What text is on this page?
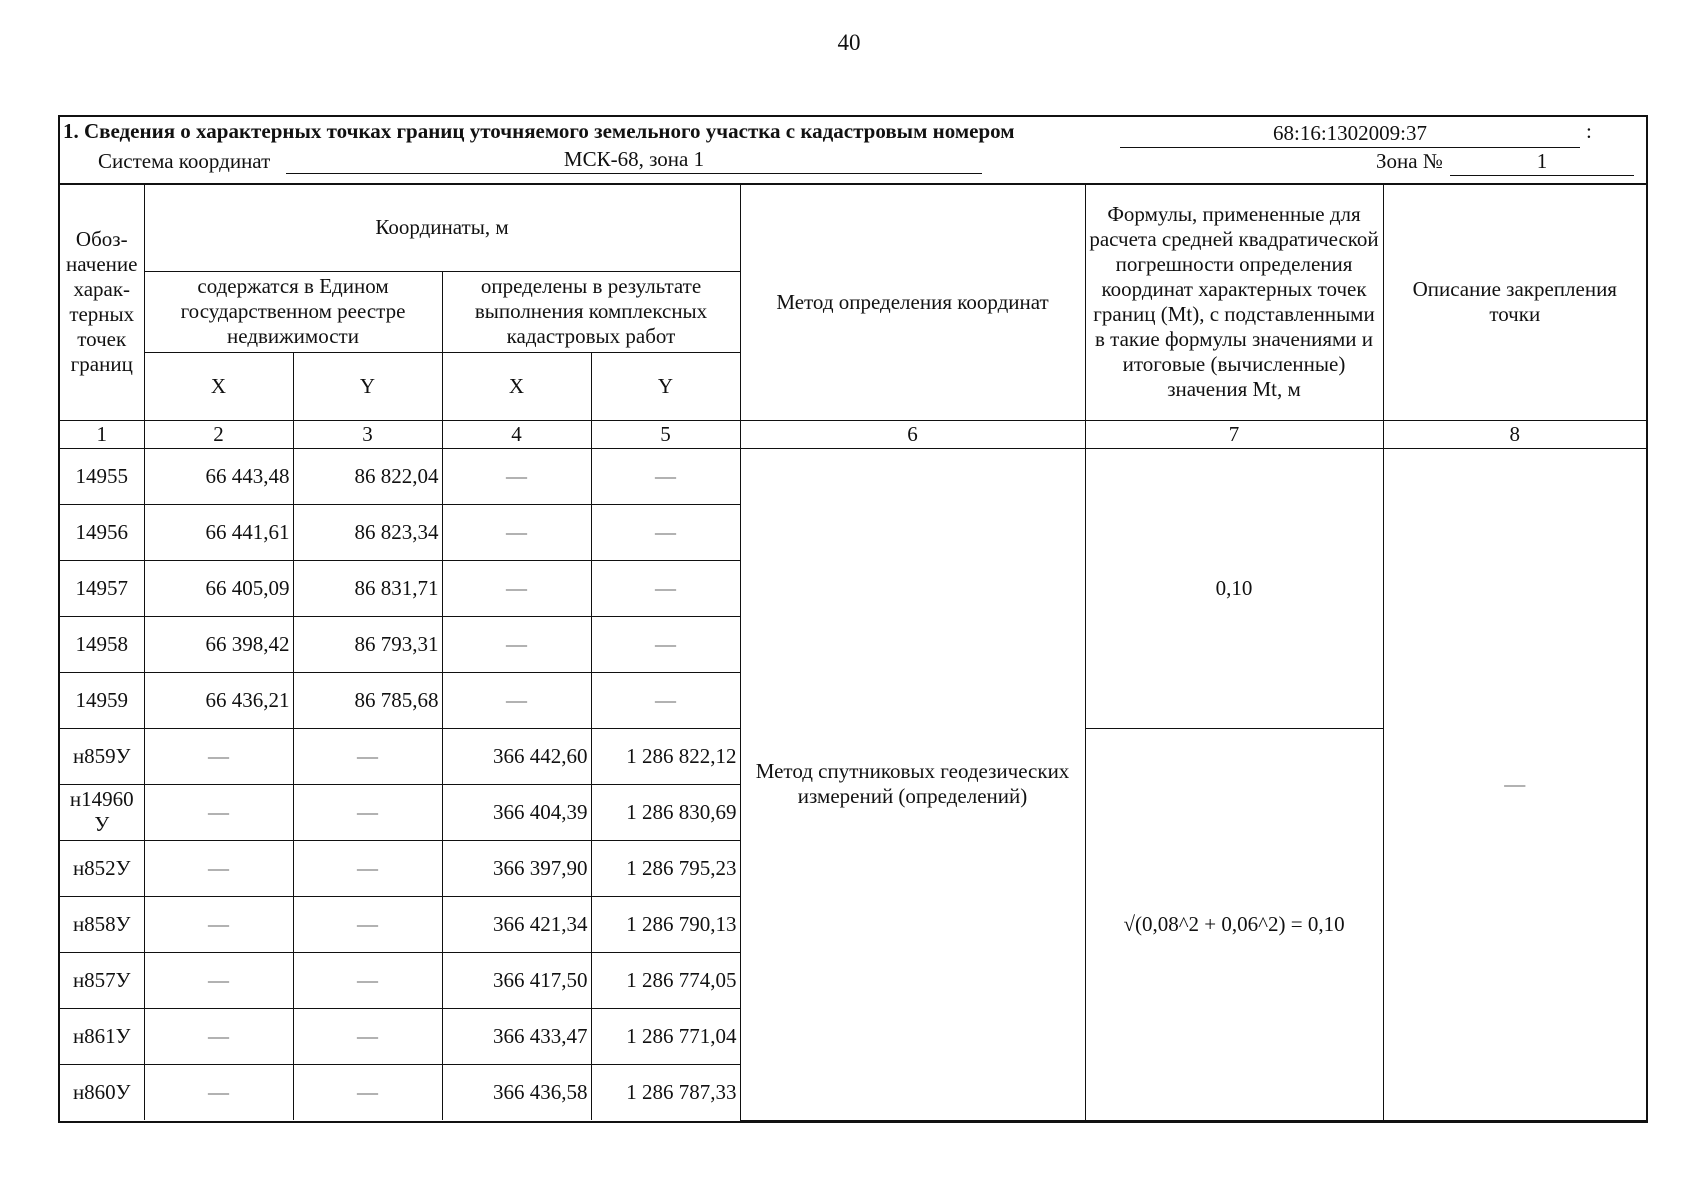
40
1. Сведения о характерных точках границ уточняемого земельного участка с кадастровым номером	68:16:1302009:37	:
Система координат	МСК-68, зона 1	Зона №	1
Обоз-начение харак-терных точек границ	Координаты, м				Метод определения координат	Формулы, примененные для расчета средней квадратической погрешности определения координат характерных точек границ (Mt), с подставленными в такие формулы значениями и итоговые (вычисленные) значения Mt, м	Описание закрепления точки
	содержатся в Едином государственном реестре недвижимости		определены в результате выполнения комплексных кадастровых работ				
	X	Y	X	Y			
1	2	3	4	5	6	7	8
14955	66 443,48	86 822,04	—	—	Метод спутниковых геодезических измерений (определений)	0,10	—
14956	66 441,61	86 823,34	—	—			
14957	66 405,09	86 831,71	—	—			
14958	66 398,42	86 793,31	—	—			
14959	66 436,21	86 785,68	—	—			
н859У	—	—	366 442,60	1 286 822,12		√(0,08^2 + 0,06^2) = 0,10	
н14960 У	—	—	366 404,39	1 286 830,69			
н852У	—	—	366 397,90	1 286 795,23			
н858У	—	—	366 421,34	1 286 790,13			
н857У	—	—	366 417,50	1 286 774,05			
н861У	—	—	366 433,47	1 286 771,04			
н860У	—	—	366 436,58	1 286 787,33			
